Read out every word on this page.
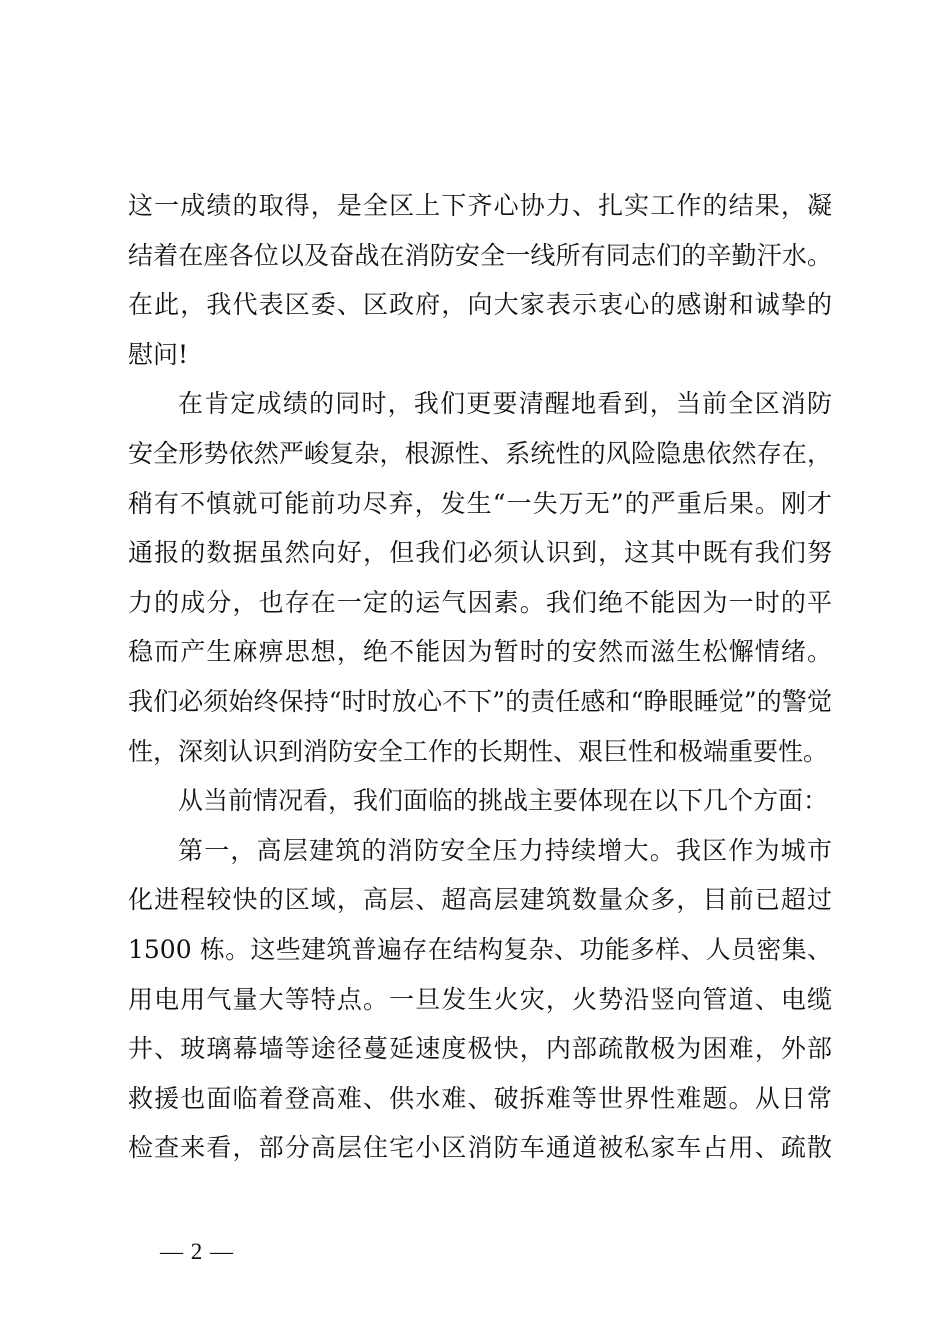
这一成绩的取得，是全区上下齐心协力、扎实工作的结果，凝
结着在座各位以及奋战在消防安全一线所有同志们的辛勤汗水。
在此，我代表区委、区政府，向大家表示衷心的感谢和诚挚的
慰问!
在肯定成绩的同时，我们更要清醒地看到，当前全区消防
安全形势依然严峻复杂，根源性、系统性的风险隐患依然存在，
稍有不慎就可能前功尽弃，发生“一失万无”的严重后果。刚才
通报的数据虽然向好，但我们必须认识到，这其中既有我们努
力的成分，也存在一定的运气因素。我们绝不能因为一时的平
稳而产生麻痹思想，绝不能因为暂时的安然而滋生松懈情绪。
我们必须始终保持“时时放心不下”的责任感和“睁眼睡觉”的警觉
性，深刻认识到消防安全工作的长期性、艰巨性和极端重要性。
从当前情况看，我们面临的挑战主要体现在以下几个方面：
第一，高层建筑的消防安全压力持续增大。我区作为城市
化进程较快的区域，高层、超高层建筑数量众多，目前已超过
1500 栋。这些建筑普遍存在结构复杂、功能多样、人员密集、
用电用气量大等特点。一旦发生火灾，火势沿竖向管道、电缆
井、玻璃幕墙等途径蔓延速度极快，内部疏散极为困难，外部
救援也面临着登高难、供水难、破拆难等世界性难题。从日常
检查来看，部分高层住宅小区消防车通道被私家车占用、疏散
— 2 —
